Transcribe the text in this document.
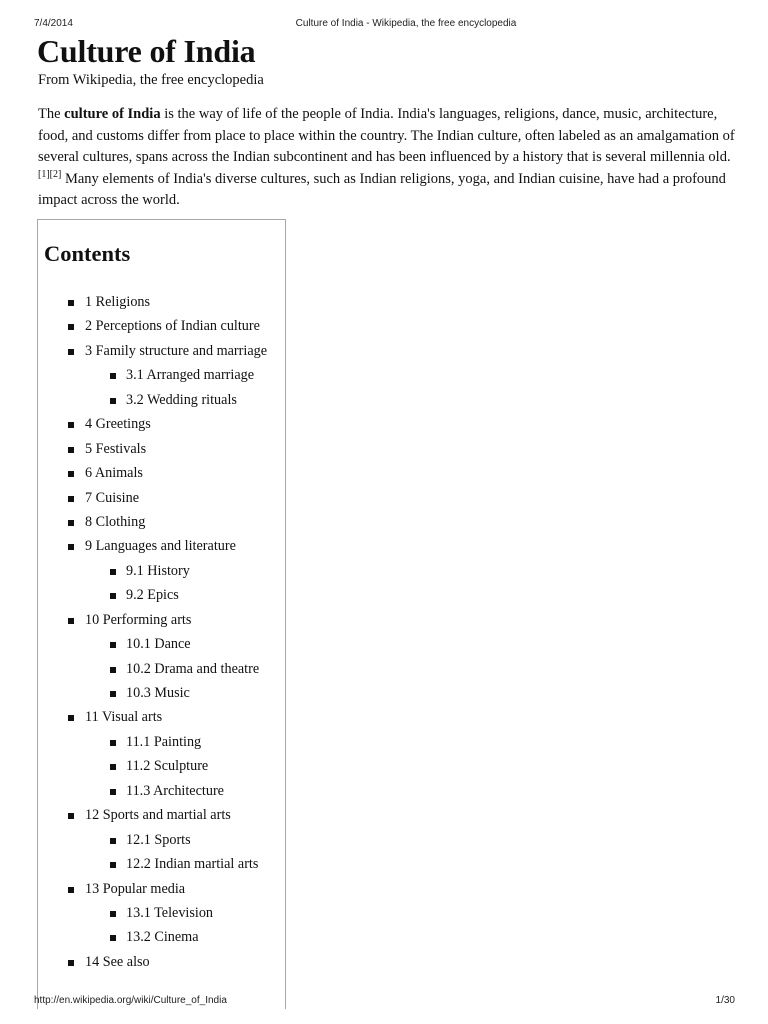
7/4/2014	Culture of India - Wikipedia, the free encyclopedia
Culture of India
From Wikipedia, the free encyclopedia

The culture of India is the way of life of the people of India. India's languages, religions, dance, music, architecture, food, and customs differ from place to place within the country. The Indian culture, often labeled as an amalgamation of several cultures, spans across the Indian subcontinent and has been influenced by a history that is several millennia old.[1][2] Many elements of India's diverse cultures, such as Indian religions, yoga, and Indian cuisine, have had a profound impact across the world.

Contents
1 Religions
2 Perceptions of Indian culture
3 Family structure and marriage
3.1 Arranged marriage
3.2 Wedding rituals
4 Greetings
5 Festivals
6 Animals
7 Cuisine
8 Clothing
9 Languages and literature
9.1 History
9.2 Epics
10 Performing arts
10.1 Dance
10.2 Drama and theatre
10.3 Music
11 Visual arts
11.1 Painting
11.2 Sculpture
11.3 Architecture
12 Sports and martial arts
12.1 Sports
12.2 Indian martial arts
13 Popular media
13.1 Television
13.2 Cinema
14 See also
http://en.wikipedia.org/wiki/Culture_of_India	1/30
